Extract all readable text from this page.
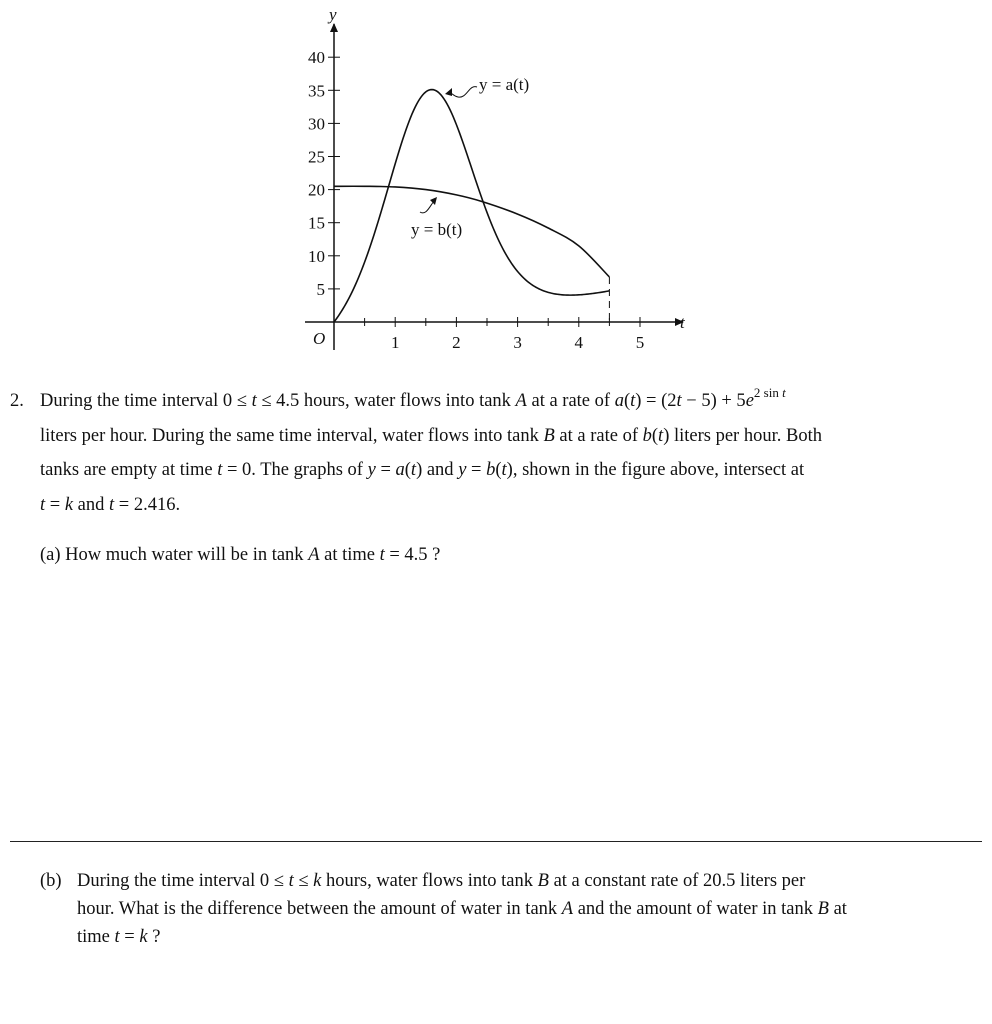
y
t
O	1	2	3	4	5
5
10
15
20
25
30
35
40
y = a(t)
y = b(t)
2. During the time interval 0 ≤ t ≤ 4.5 hours, water flows into tank A at a rate of $a(t) = (2t - 5) + 5e^{2 sin t}$
liters per hour. During the same time interval, water flows into tank B at a rate of b(t) liters per hour. Both
tanks are empty at time t = 0. The graphs of y = a(t) and y = b(t), shown in the figure above, intersect at
t = k and t = 2.416.
(a) How much water will be in tank A at time t = 4.5 ?
(b) During the time interval 0 ≤ t ≤ k hours, water flows into tank B at a constant rate of 20.5 liters per
hour. What is the difference between the amount of water in tank A and the amount of water in tank B at
time t = k ?
